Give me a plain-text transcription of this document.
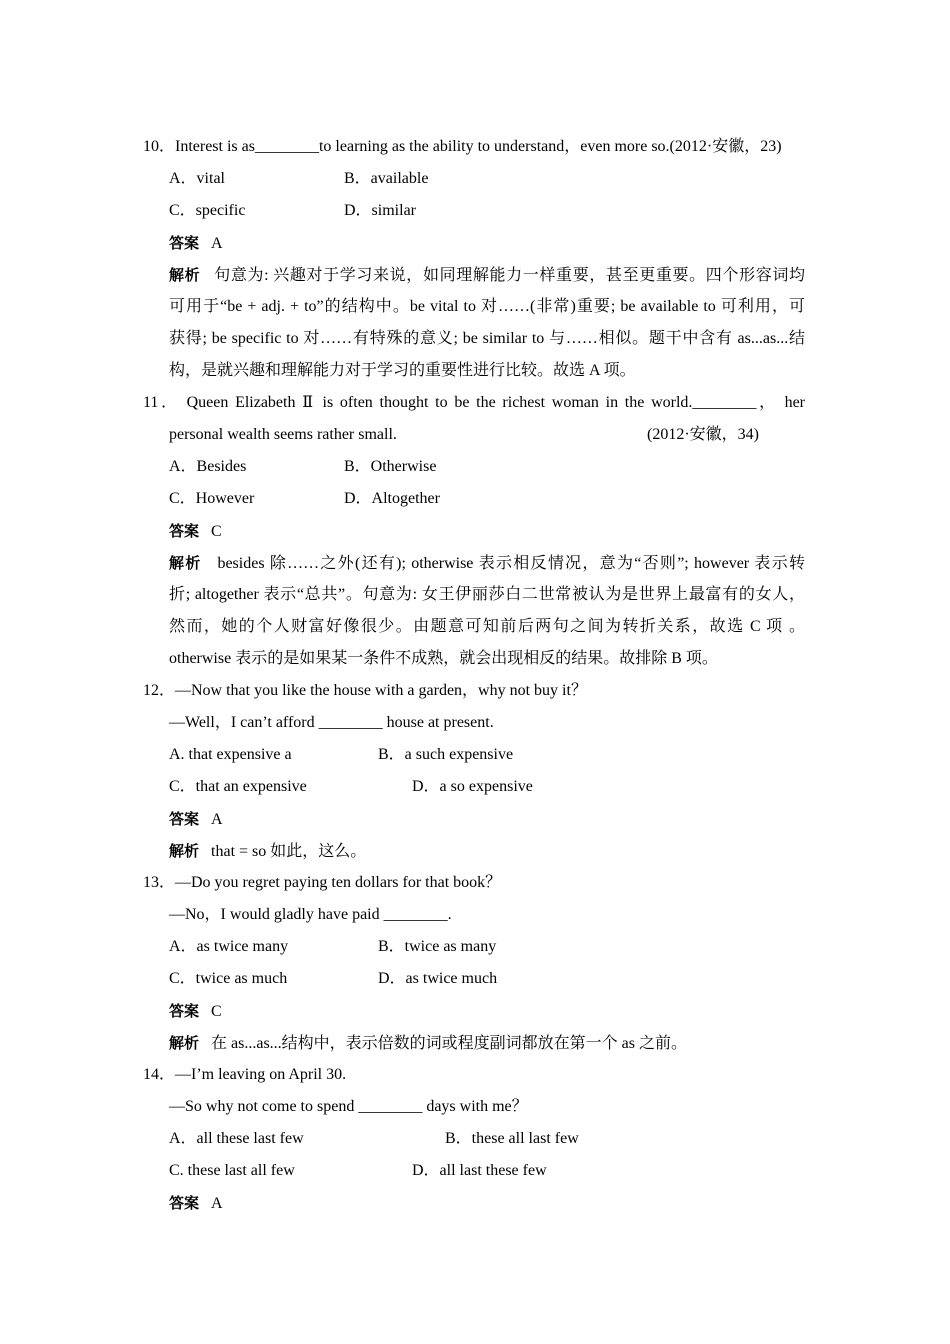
10．Interest is as________to learning as the ability to understand，even more so.(2012·安徽，23)
A．vital	B．available
C．specific	D．similar
答案 A
解析 句意为: 兴趣对于学习来说，如同理解能力一样重要，甚至更重要。四个形容词均
可用于“be + adj. + to”的结构中。be vital to 对……(非常)重要; be available to 可利用，可
获得; be specific to 对……有特殊的意义; be similar to 与……相似。题干中含有 as...as...结
构，是就兴趣和理解能力对于学习的重要性进行比较。故选 A 项。
11． Queen Elizabeth Ⅱ is often thought to be the richest woman in the world.________， her
personal wealth seems rather small.	(2012·安徽，34)
A．Besides	B．Otherwise
C．However	D．Altogether
答案 C
解析 besides 除……之外(还有); otherwise 表示相反情况，意为“否则”; however 表示转
折; altogether 表示“总共”。句意为: 女王伊丽莎白二世常被认为是世界上最富有的女人，
然而，她的个人财富好像很少。由题意可知前后两句之间为转折关系，故选 C 项 。
otherwise 表示的是如果某一条件不成熟，就会出现相反的结果。故排除 B 项。
12．—Now that you like the house with a garden，why not buy it？
—Well，I can’t afford ________ house at present.
A. that expensive a	B．a such expensive
C．that an expensive	D．a so expensive
答案 A
解析 that = so 如此，这么。
13．—Do you regret paying ten dollars for that book？
—No，I would gladly have paid ________.
A．as twice many	B．twice as many
C．twice as much	D．as twice much
答案 C
解析 在 as...as...结构中，表示倍数的词或程度副词都放在第一个 as 之前。
14．—I’m leaving on April 30.
—So why not come to spend ________ days with me？
A．all these last few	B．these all last few
C. these last all few	D．all last these few
答案 A
